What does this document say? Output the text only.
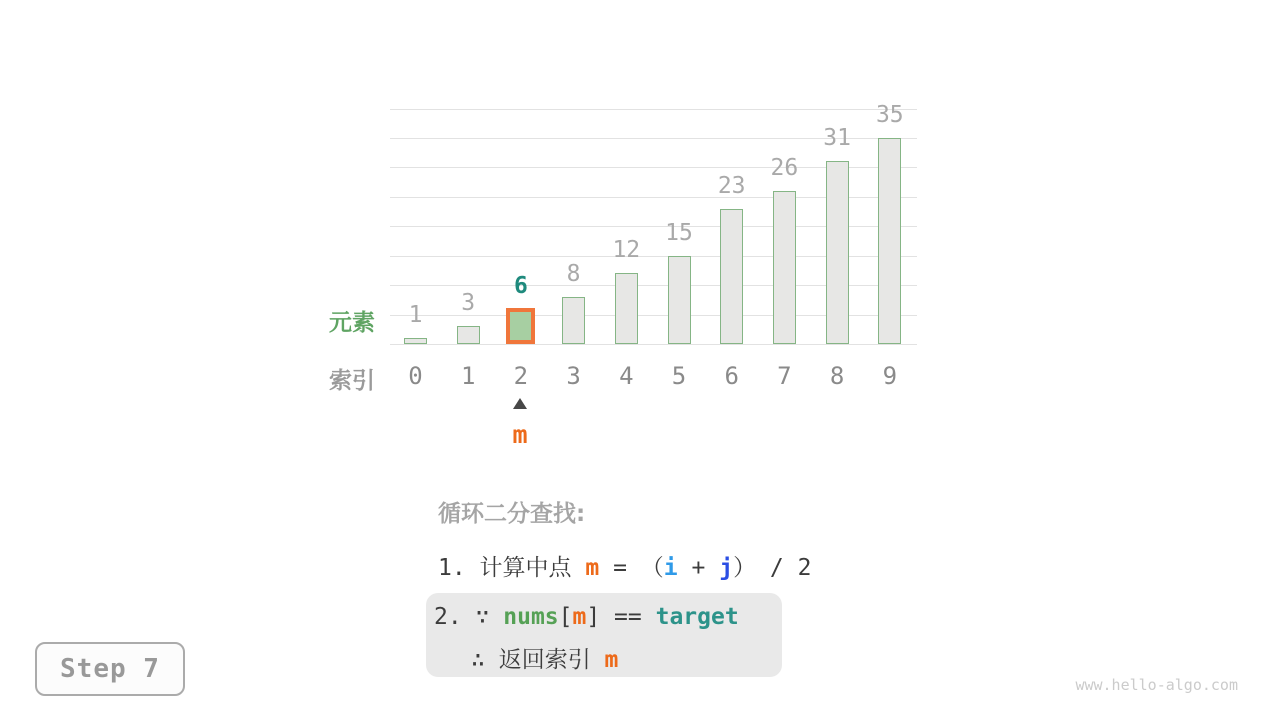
1	3
6	8
12
15
23
26
31
35
0	1	2	3	4	5	6	7	8	9
元素
索引
m
循环二分查找:
1. 计算中点 m = （i + j） / 2
2. ∵ nums[m] == target
∴ 返回索引 m
Step 7
www.hello-algo.com
